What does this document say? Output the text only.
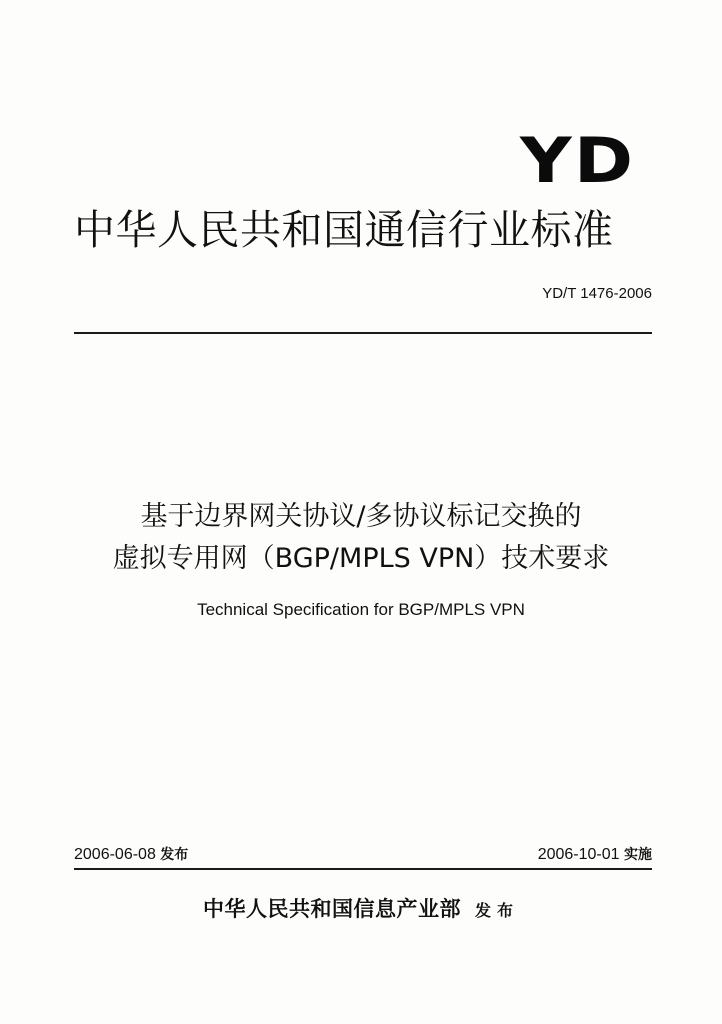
YD
中华人民共和国通信行业标准
YD/T 1476-2006
基于边界网关协议/多协议标记交换的
虚拟专用网（BGP/MPLS VPN）技术要求
Technical Specification for BGP/MPLS VPN
2006-06-08 发布	2006-10-01 实施
中华人民共和国信息产业部 发布
